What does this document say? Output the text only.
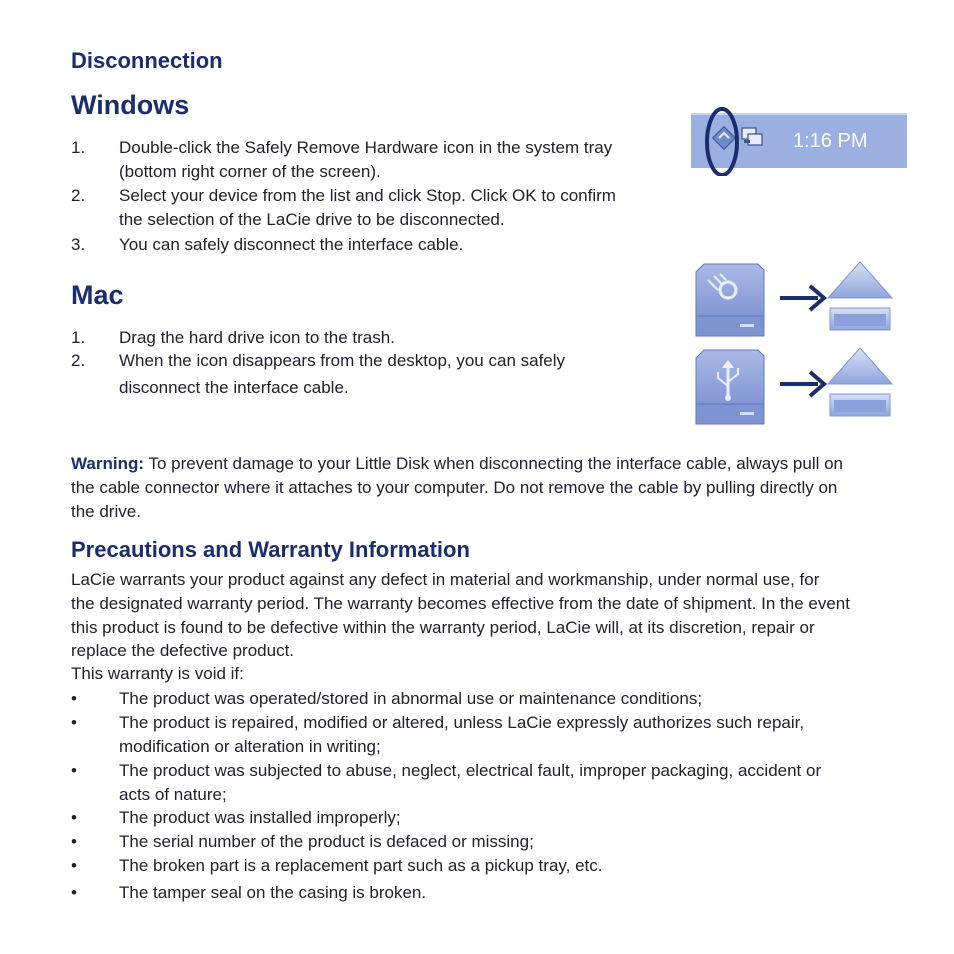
Disconnection
Windows
1. Double-click the Safely Remove Hardware icon in the system tray
(bottom right corner of the screen).
2. Select your device from the list and click Stop. Click OK to confirm
the selection of the LaCie drive to be disconnected.
3. You can safely disconnect the interface cable.
1:16 PM
Mac
1. Drag the hard drive icon to the trash.
2. When the icon disappears from the desktop, you can safely
disconnect the interface cable.
Warning: To prevent damage to your Little Disk when disconnecting the interface cable, always pull on
the cable connector where it attaches to your computer. Do not remove the cable by pulling directly on
the drive.
Precautions and Warranty Information
LaCie warrants your product against any defect in material and workmanship, under normal use, for
the designated warranty period. The warranty becomes effective from the date of shipment. In the event
this product is found to be defective within the warranty period, LaCie will, at its discretion, repair or
replace the defective product.
This warranty is void if:
• The product was operated/stored in abnormal use or maintenance conditions;
• The product is repaired, modified or altered, unless LaCie expressly authorizes such repair,
modification or alteration in writing;
• The product was subjected to abuse, neglect, electrical fault, improper packaging, accident or
acts of nature;
• The product was installed improperly;
• The serial number of the product is defaced or missing;
• The broken part is a replacement part such as a pickup tray, etc.
• The tamper seal on the casing is broken.
